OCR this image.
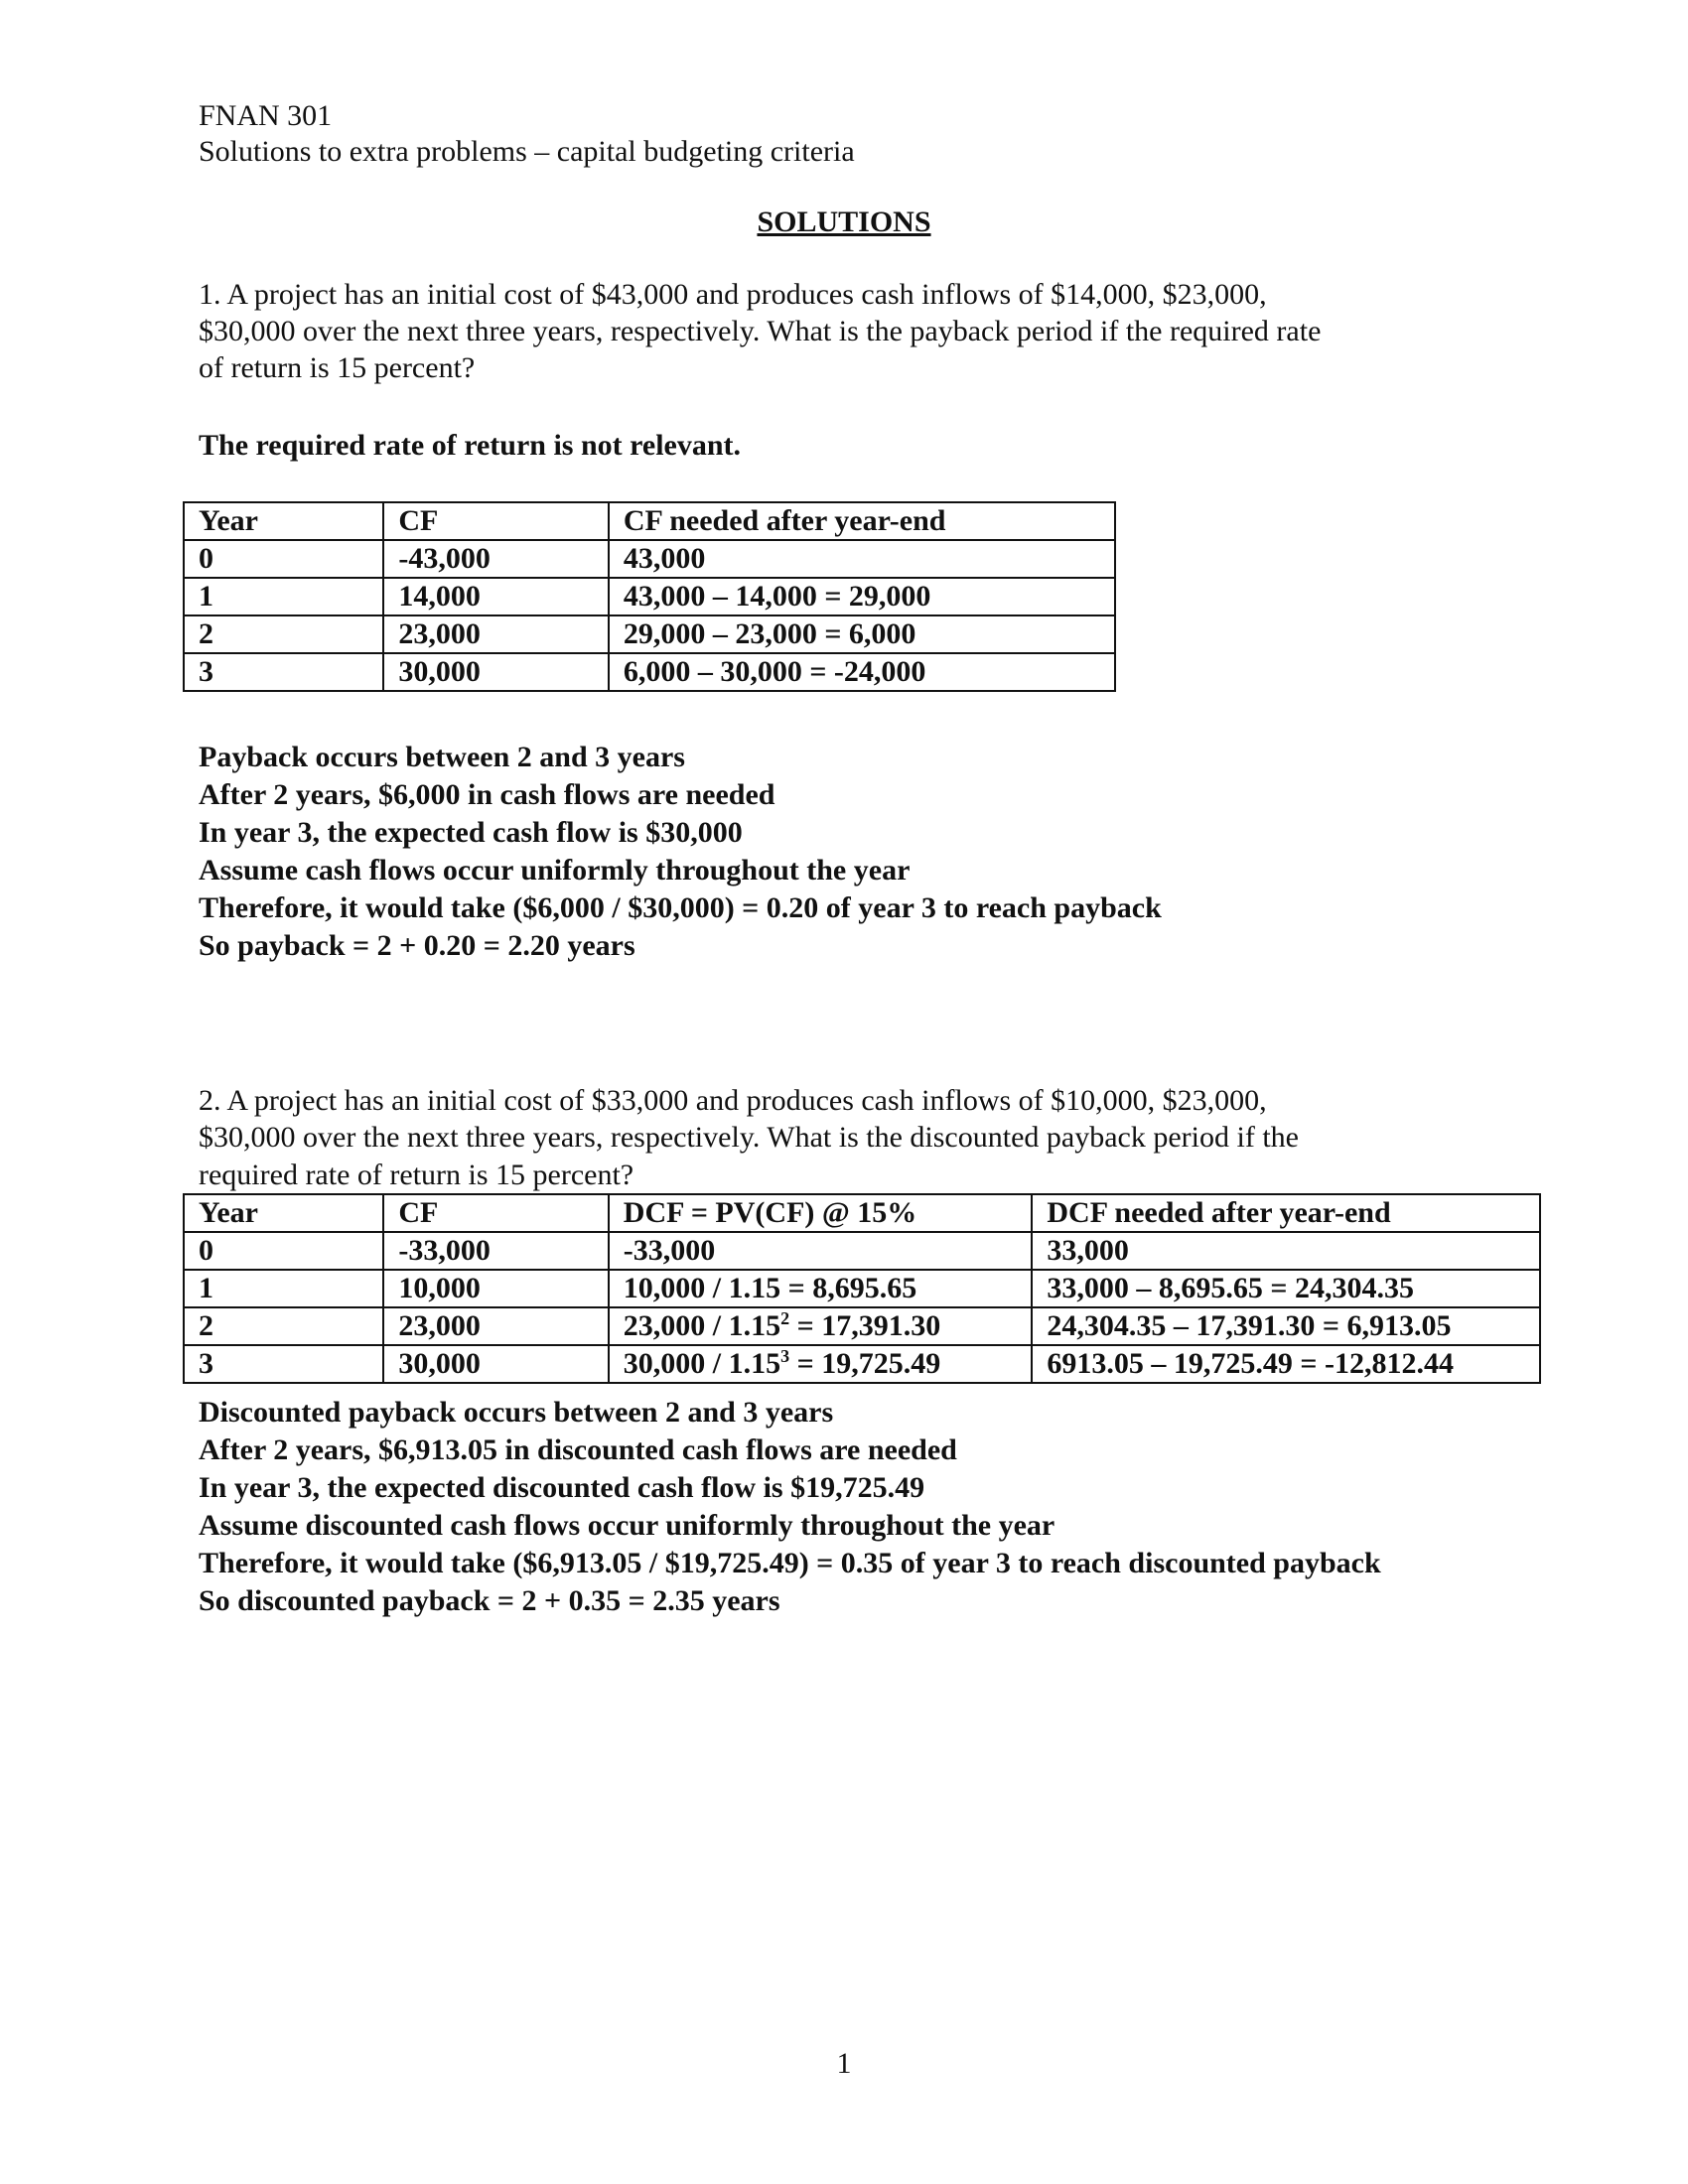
FNAN 301
Solutions to extra problems – capital budgeting criteria
SOLUTIONS
1. A project has an initial cost of $43,000 and produces cash inflows of $14,000, $23,000,
$30,000 over the next three years, respectively. What is the payback period if the required rate
of return is 15 percent?
The required rate of return is not relevant.
Year	CF	CF needed after year-end
0	-43,000	43,000
1	14,000	43,000 – 14,000 = 29,000
2	23,000	29,000 – 23,000 = 6,000
3	30,000	6,000 – 30,000 = -24,000
Payback occurs between 2 and 3 years
After 2 years, $6,000 in cash flows are needed
In year 3, the expected cash flow is $30,000
Assume cash flows occur uniformly throughout the year
Therefore, it would take ($6,000 / $30,000) = 0.20 of year 3 to reach payback
So payback = 2 + 0.20 = 2.20 years
2. A project has an initial cost of $33,000 and produces cash inflows of $10,000, $23,000,
$30,000 over the next three years, respectively. What is the discounted payback period if the
required rate of return is 15 percent?
Year	CF	DCF = PV(CF) @ 15%	DCF needed after year-end
0	-33,000	-33,000	33,000
1	10,000	10,000 / 1.15 = 8,695.65	33,000 – 8,695.65 = 24,304.35
2	23,000	$23,000 / 1.15^2 = 17,391.30$	24,304.35 – 17,391.30 = 6,913.05
3	30,000	$30,000 / 1.15^3 = 19,725.49$	6913.05 – 19,725.49 = -12,812.44
Discounted payback occurs between 2 and 3 years
After 2 years, $6,913.05 in discounted cash flows are needed
In year 3, the expected discounted cash flow is $19,725.49
Assume discounted cash flows occur uniformly throughout the year
Therefore, it would take ($6,913.05 / $19,725.49) = 0.35 of year 3 to reach discounted payback
So discounted payback = 2 + 0.35 = 2.35 years
1
